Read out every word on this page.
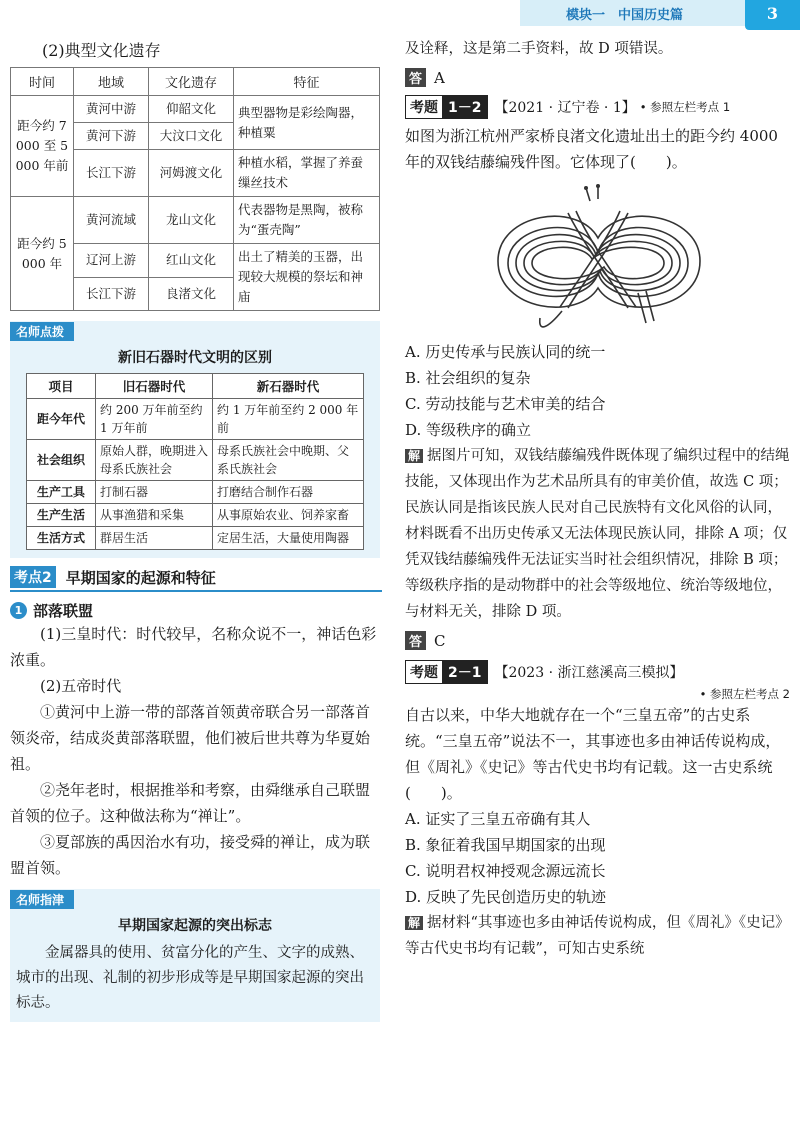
模块一　中国历史篇	3
(2)典型文化遗存
时间	地域	文化遗存	特征
距今约 7 000 至 5 000 年前	黄河中游	仰韶文化	典型器物是彩绘陶器，种植粟
	黄河下游	大汶口文化	
	长江下游	河姆渡文化	种植水稻，掌握了养蚕缫丝技术
距今约 5 000 年	黄河流域	龙山文化	代表器物是黑陶，被称为“蛋壳陶”
	辽河上游	红山文化	出土了精美的玉器，出现较大规模的祭坛和神庙
	长江下游	良渚文化	
名师点拨
新旧石器时代文明的区别
项目	旧石器时代	新石器时代
距今年代	约 200 万年前至约 1 万年前	约 1 万年前至约 2 000 年前
社会组织	原始人群，晚期进入母系氏族社会	母系氏族社会中晚期、父系氏族社会
生产工具	打制石器	打磨结合制作石器
生产生活	从事渔猎和采集	从事原始农业、饲养家畜
生活方式	群居生活	定居生活，大量使用陶器
考点2 早期国家的起源和特征
1 部落联盟

(1)三皇时代：时代较早，名称众说不一，神话色彩浓重。

(2)五帝时代

①黄河中上游一带的部落首领黄帝联合另一部落首领炎帝，结成炎黄部落联盟，他们被后世共尊为华夏始祖。

②尧年老时，根据推举和考察，由舜继承自己联盟首领的位子。这种做法称为“禅让”。

③夏部族的禹因治水有功，接受舜的禅让，成为联盟首领。

名师指津
早期国家起源的突出标志

金属器具的使用、贫富分化的产生、文字的成熟、城市的出现、礼制的初步形成等是早期国家起源的突出标志。

及诠释，这是第二手资料，故 D 项错误。

答 A
考题 1－2 【2021 · 辽宁卷 · 1】 • 参照左栏考点 1

如图为浙江杭州严家桥良渚文化遗址出土的距今约 4000 年的双钱结藤编残件图。它体现了(　　)。

A. 历史传承与民族认同的统一

B. 社会组织的复杂

C. 劳动技能与艺术审美的结合

D. 等级秩序的确立

解 据图片可知，双钱结藤编残件既体现了编织过程中的结绳技能，又体现出作为艺术品所具有的审美价值，故选 C 项；民族认同是指该民族人民对自己民族特有文化风俗的认同，材料既看不出历史传承又无法体现民族认同，排除 A 项；仅凭双钱结藤编残件无法证实当时社会组织情况，排除 B 项；等级秩序指的是动物群中的社会等级地位、统治等级地位，与材料无关，排除 D 项。

答 C
考题 2－1 【2023 · 浙江慈溪高三模拟】
• 参照左栏考点 2

自古以来，中华大地就存在一个“三皇五帝”的古史系统。“三皇五帝”说法不一，其事迹也多由神话传说构成，但《周礼》《史记》等古代史书均有记载。这一古史系统(　　)。

A. 证实了三皇五帝确有其人

B. 象征着我国早期国家的出现

C. 说明君权神授观念源远流长

D. 反映了先民创造历史的轨迹

解 据材料“其事迹也多由神话传说构成，但《周礼》《史记》等古代史书均有记载”，可知古史系统
